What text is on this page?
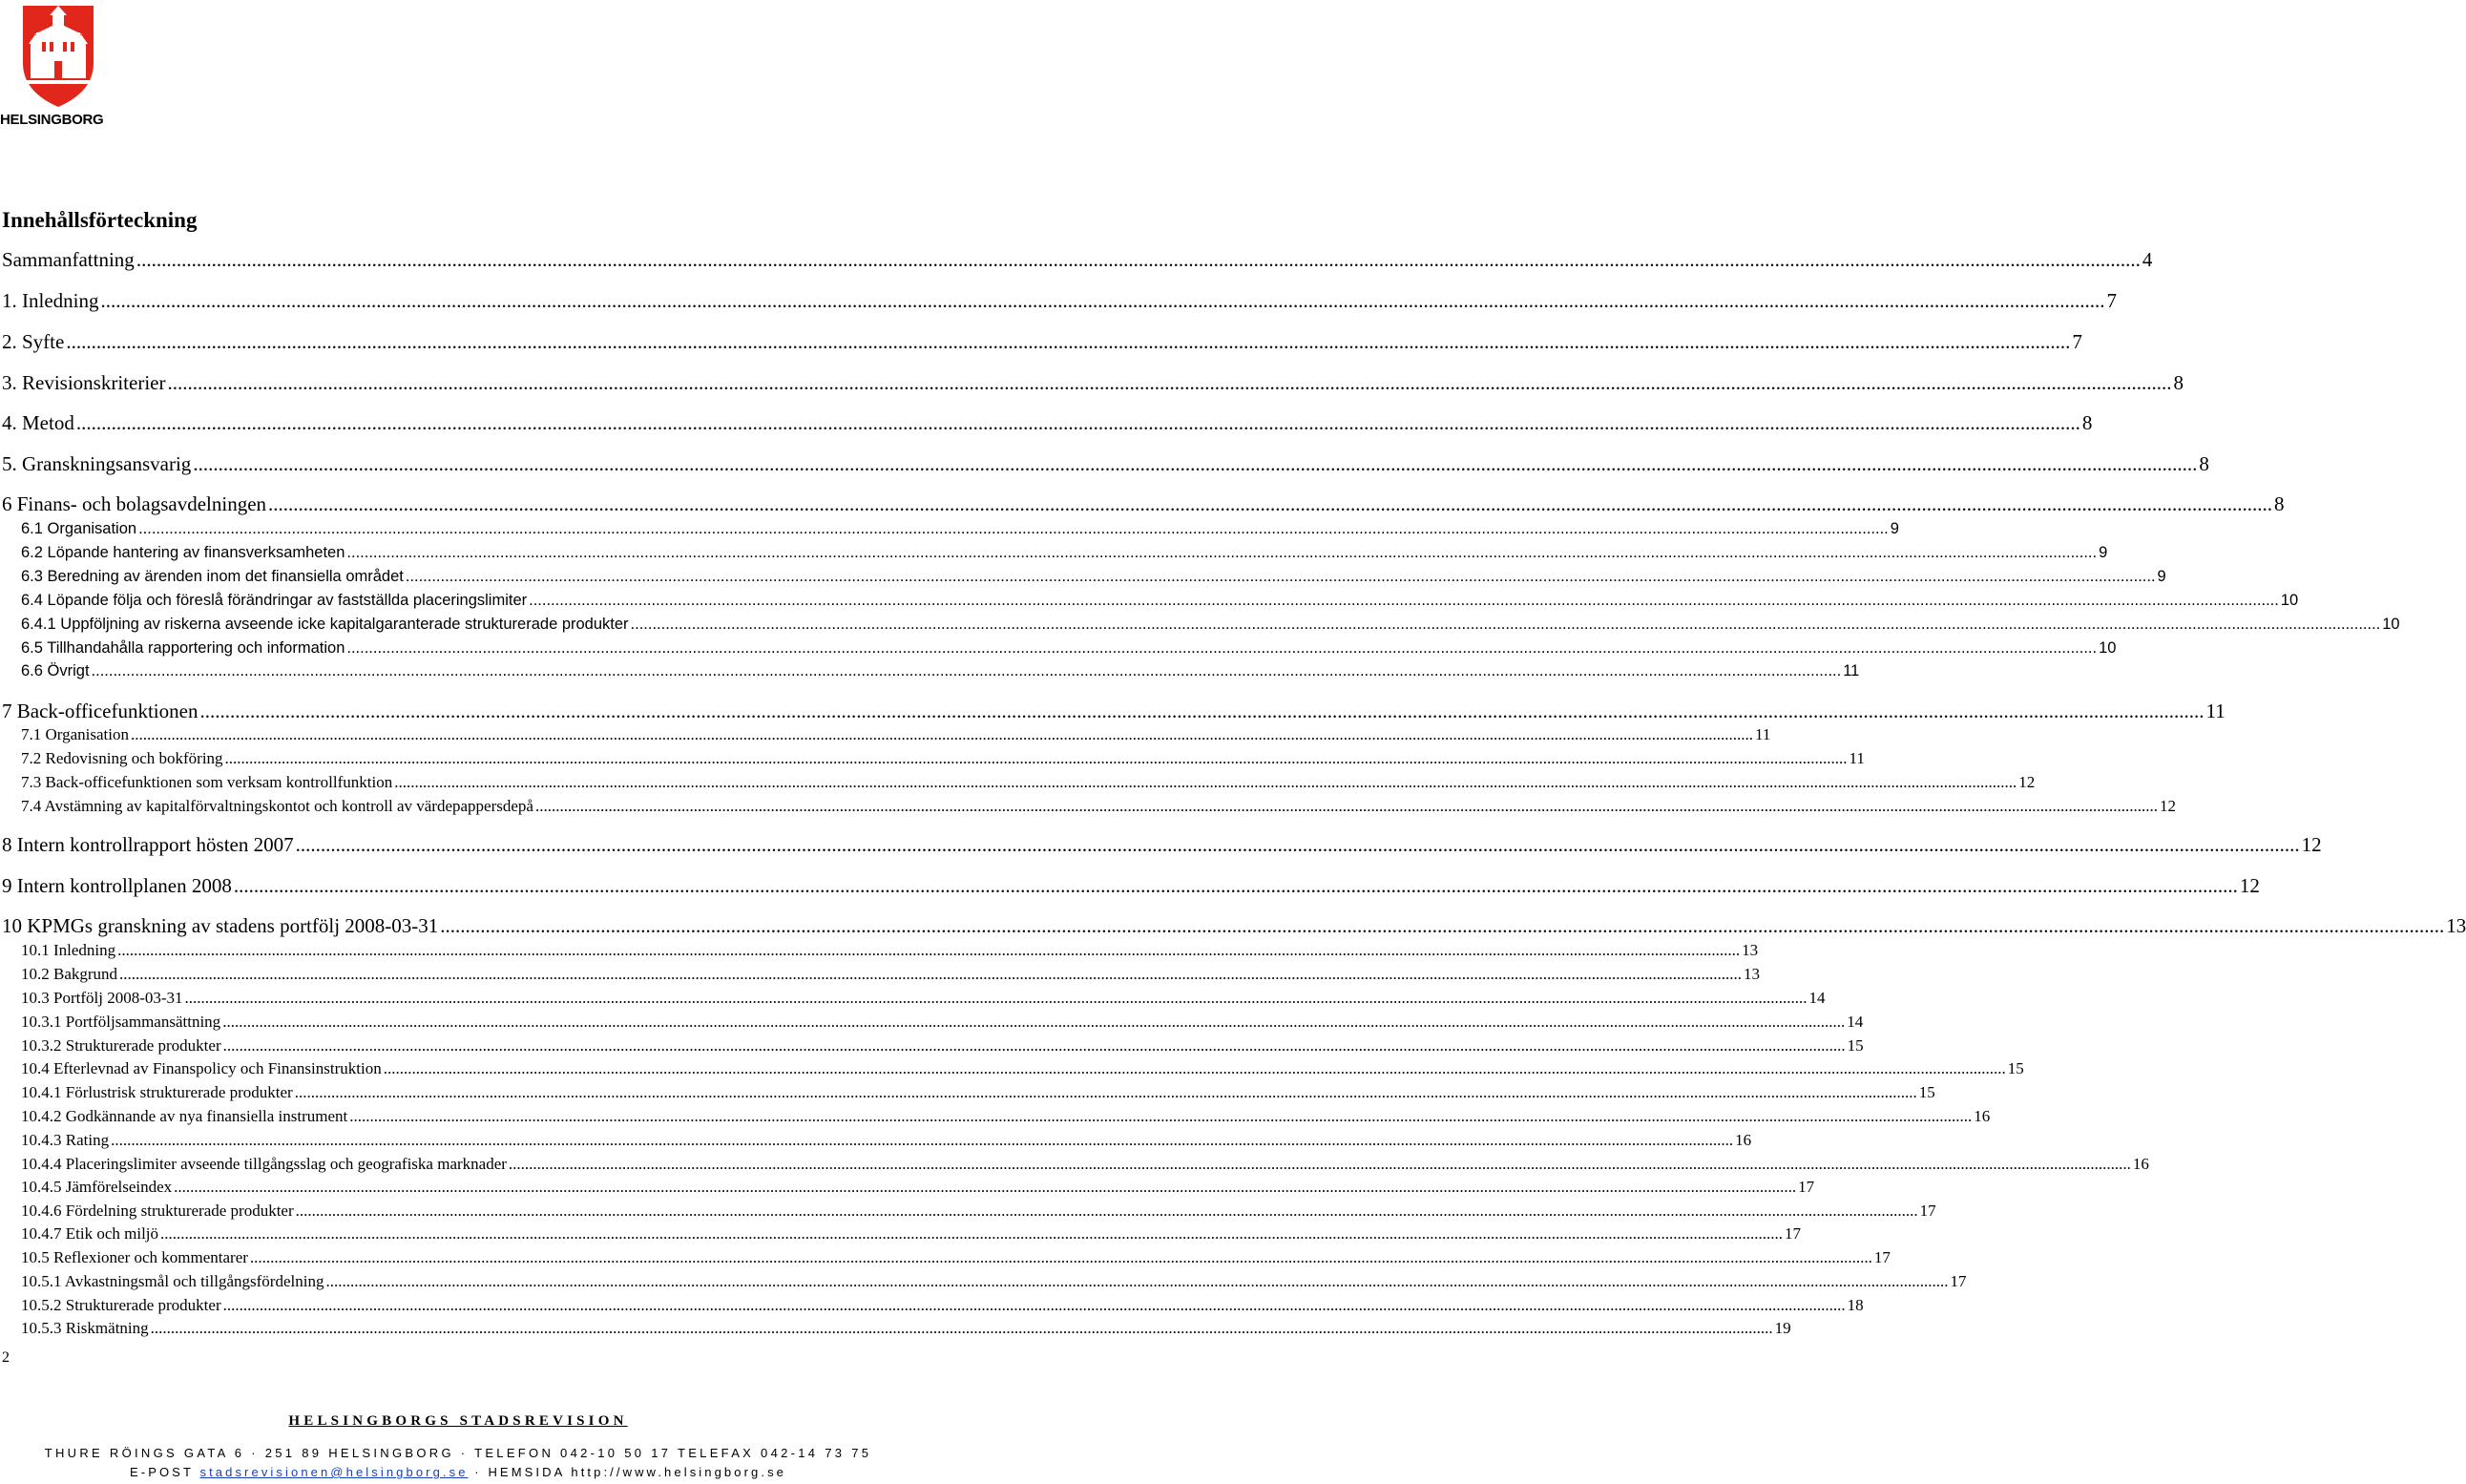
HELSINGBORG
Innehållsförteckning
Sammanfattning ................................................................................................................................................................................................................................................................................................................................................................................................................ 4
1. Inledning ................................................................................................................................................................................................................................................................................................................................................................................................................ 7
2. Syfte ................................................................................................................................................................................................................................................................................................................................................................................................................ 7
3. Revisionskriterier ................................................................................................................................................................................................................................................................................................................................................................................................................ 8
4. Metod ................................................................................................................................................................................................................................................................................................................................................................................................................ 8
5. Granskningsansvarig ................................................................................................................................................................................................................................................................................................................................................................................................................ 8
6 Finans- och bolagsavdelningen ................................................................................................................................................................................................................................................................................................................................................................................................................ 8
6.1 Organisation ................................................................................................................................................................................................................................................................................................................................................................................................................ 9
6.2 Löpande hantering av finansverksamheten ................................................................................................................................................................................................................................................................................................................................................................................................................ 9
6.3 Beredning av ärenden inom det finansiella området ................................................................................................................................................................................................................................................................................................................................................................................................................ 9
6.4 Löpande följa och föreslå förändringar av fastställda placeringslimiter ................................................................................................................................................................................................................................................................................................................................................................................................................ 10
6.4.1 Uppföljning av riskerna avseende icke kapitalgaranterade strukturerade produkter ................................................................................................................................................................................................................................................................................................................................................................................................................ 10
6.5 Tillhandahålla rapportering och information ................................................................................................................................................................................................................................................................................................................................................................................................................ 10
6.6 Övrigt ................................................................................................................................................................................................................................................................................................................................................................................................................ 11
7 Back-officefunktionen ................................................................................................................................................................................................................................................................................................................................................................................................................ 11
7.1 Organisation ................................................................................................................................................................................................................................................................................................................................................................................................................ 11
7.2 Redovisning och bokföring ................................................................................................................................................................................................................................................................................................................................................................................................................ 11
7.3 Back-officefunktionen som verksam kontrollfunktion ................................................................................................................................................................................................................................................................................................................................................................................................................ 12
7.4 Avstämning av kapitalförvaltningskontot och kontroll av värdepappersdepå ................................................................................................................................................................................................................................................................................................................................................................................................................ 12
8 Intern kontrollrapport hösten 2007 ................................................................................................................................................................................................................................................................................................................................................................................................................ 12
9 Intern kontrollplanen 2008 ................................................................................................................................................................................................................................................................................................................................................................................................................ 12
10 KPMGs granskning av stadens portfölj 2008-03-31 ................................................................................................................................................................................................................................................................................................................................................................................................................ 13
10.1 Inledning ................................................................................................................................................................................................................................................................................................................................................................................................................ 13
10.2 Bakgrund ................................................................................................................................................................................................................................................................................................................................................................................................................ 13
10.3 Portfölj 2008-03-31 ................................................................................................................................................................................................................................................................................................................................................................................................................ 14
10.3.1 Portföljsammansättning ................................................................................................................................................................................................................................................................................................................................................................................................................ 14
10.3.2 Strukturerade produkter ................................................................................................................................................................................................................................................................................................................................................................................................................ 15
10.4 Efterlevnad av Finanspolicy och Finansinstruktion ................................................................................................................................................................................................................................................................................................................................................................................................................ 15
10.4.1 Förlustrisk strukturerade produkter ................................................................................................................................................................................................................................................................................................................................................................................................................ 15
10.4.2 Godkännande av nya finansiella instrument ................................................................................................................................................................................................................................................................................................................................................................................................................ 16
10.4.3 Rating ................................................................................................................................................................................................................................................................................................................................................................................................................ 16
10.4.4 Placeringslimiter avseende tillgångsslag och geografiska marknader ................................................................................................................................................................................................................................................................................................................................................................................................................ 16
10.4.5 Jämförelseindex ................................................................................................................................................................................................................................................................................................................................................................................................................ 17
10.4.6 Fördelning strukturerade produkter ................................................................................................................................................................................................................................................................................................................................................................................................................ 17
10.4.7 Etik och miljö ................................................................................................................................................................................................................................................................................................................................................................................................................ 17
10.5 Reflexioner och kommentarer ................................................................................................................................................................................................................................................................................................................................................................................................................ 17
10.5.1 Avkastningsmål och tillgångsfördelning ................................................................................................................................................................................................................................................................................................................................................................................................................ 17
10.5.2 Strukturerade produkter ................................................................................................................................................................................................................................................................................................................................................................................................................ 18
10.5.3 Riskmätning ................................................................................................................................................................................................................................................................................................................................................................................................................ 19
2
HELSINGBORGS STADSREVISION
THURE RÖINGS GATA 6 · 251 89 HELSINGBORG · TELEFON 042-10 50 17 TELEFAX 042-14 73 75
E-POST stadsrevisionen@helsingborg.se · HEMSIDA http://www.helsingborg.se
